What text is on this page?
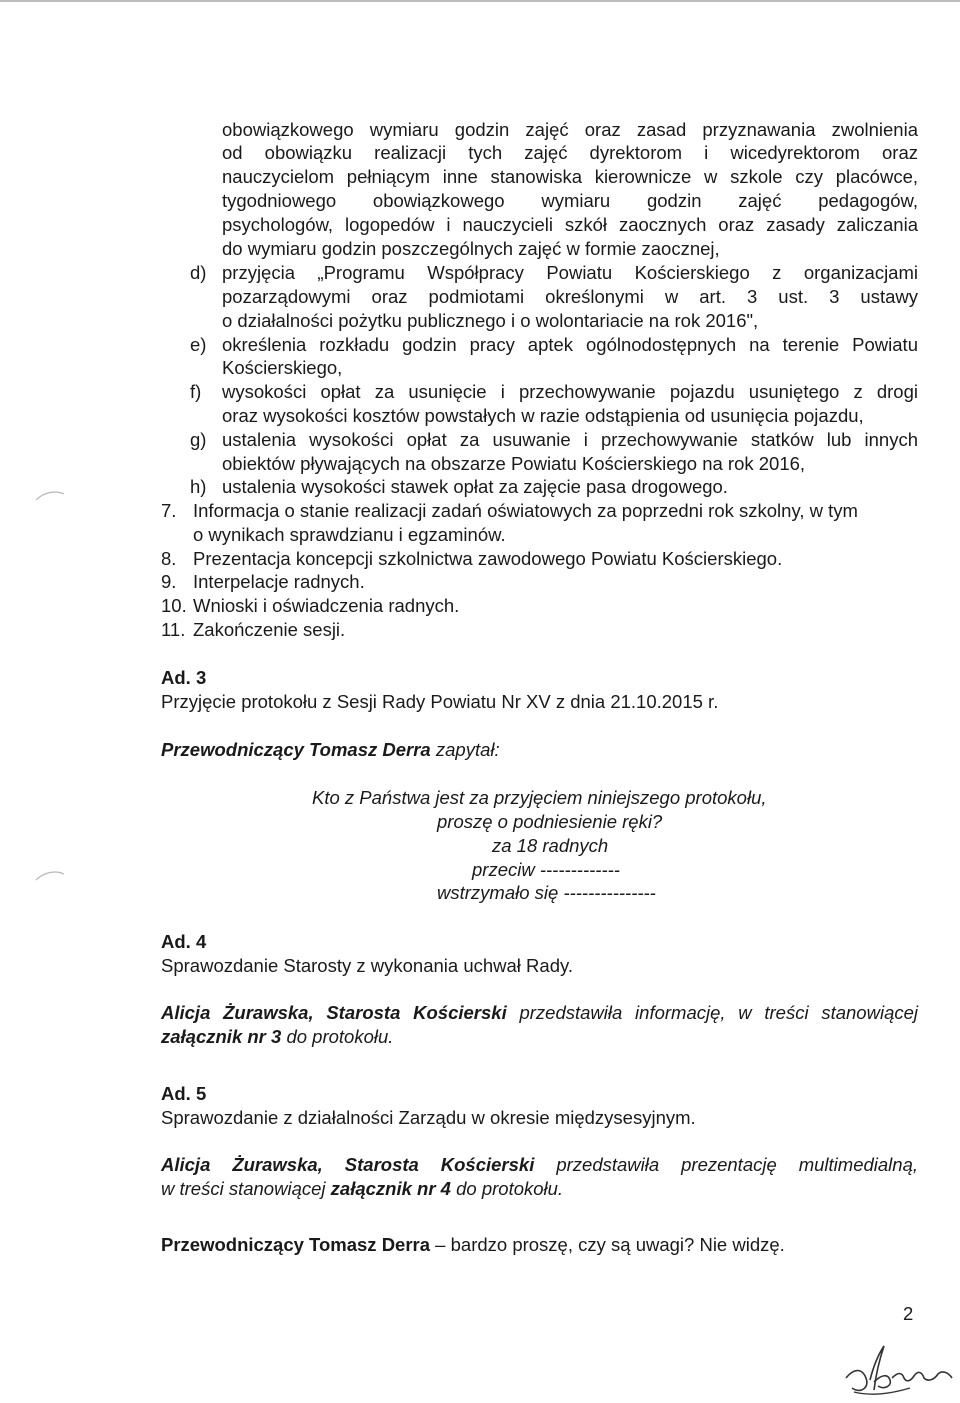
obowiązkowego wymiaru godzin zajęć oraz zasad przyznawania zwolnienia
od obowiązku realizacji tych zajęć dyrektorom i wicedyrektorom oraz
nauczycielom pełniącym inne stanowiska kierownicze w szkole czy placówce,
tygodniowego obowiązkowego wymiaru godzin zajęć pedagogów,
psychologów, logopedów i nauczycieli szkół zaocznych oraz zasady zaliczania
do wymiaru godzin poszczególnych zajęć w formie zaocznej,
d) przyjęcia „Programu Współpracy Powiatu Kościerskiego z organizacjami
pozarządowymi oraz podmiotami określonymi w art. 3 ust. 3 ustawy
o działalności pożytku publicznego i o wolontariacie na rok 2016",
e) określenia rozkładu godzin pracy aptek ogólnodostępnych na terenie Powiatu
Kościerskiego,
f) wysokości opłat za usunięcie i przechowywanie pojazdu usuniętego z drogi
oraz wysokości kosztów powstałych w razie odstąpienia od usunięcia pojazdu,
g) ustalenia wysokości opłat za usuwanie i przechowywanie statków lub innych
obiektów pływających na obszarze Powiatu Kościerskiego na rok 2016,
h) ustalenia wysokości stawek opłat za zajęcie pasa drogowego.
7. Informacja o stanie realizacji zadań oświatowych za poprzedni rok szkolny, w tym
o wynikach sprawdzianu i egzaminów.
8. Prezentacja koncepcji szkolnictwa zawodowego Powiatu Kościerskiego.
9. Interpelacje radnych.
10. Wnioski i oświadczenia radnych.
11. Zakończenie sesji.
Ad. 3
Przyjęcie protokołu z Sesji Rady Powiatu Nr XV z dnia 21.10.2015 r.
Przewodniczący Tomasz Derra zapytał:
Kto z Państwa jest za przyjęciem niniejszego protokołu,
proszę o podniesienie ręki?
za 18 radnych
przeciw -------------
wstrzymało się ---------------
Ad. 4
Sprawozdanie Starosty z wykonania uchwał Rady.
Alicja Żurawska, Starosta Kościerski przedstawiła informację, w treści stanowiącej
załącznik nr 3 do protokołu.
Ad. 5
Sprawozdanie z działalności Zarządu w okresie międzysesyjnym.
Alicja Żurawska, Starosta Kościerski przedstawiła prezentację multimedialną,
w treści stanowiącej załącznik nr 4 do protokołu.
Przewodniczący Tomasz Derra – bardzo proszę, czy są uwagi? Nie widzę.
2
